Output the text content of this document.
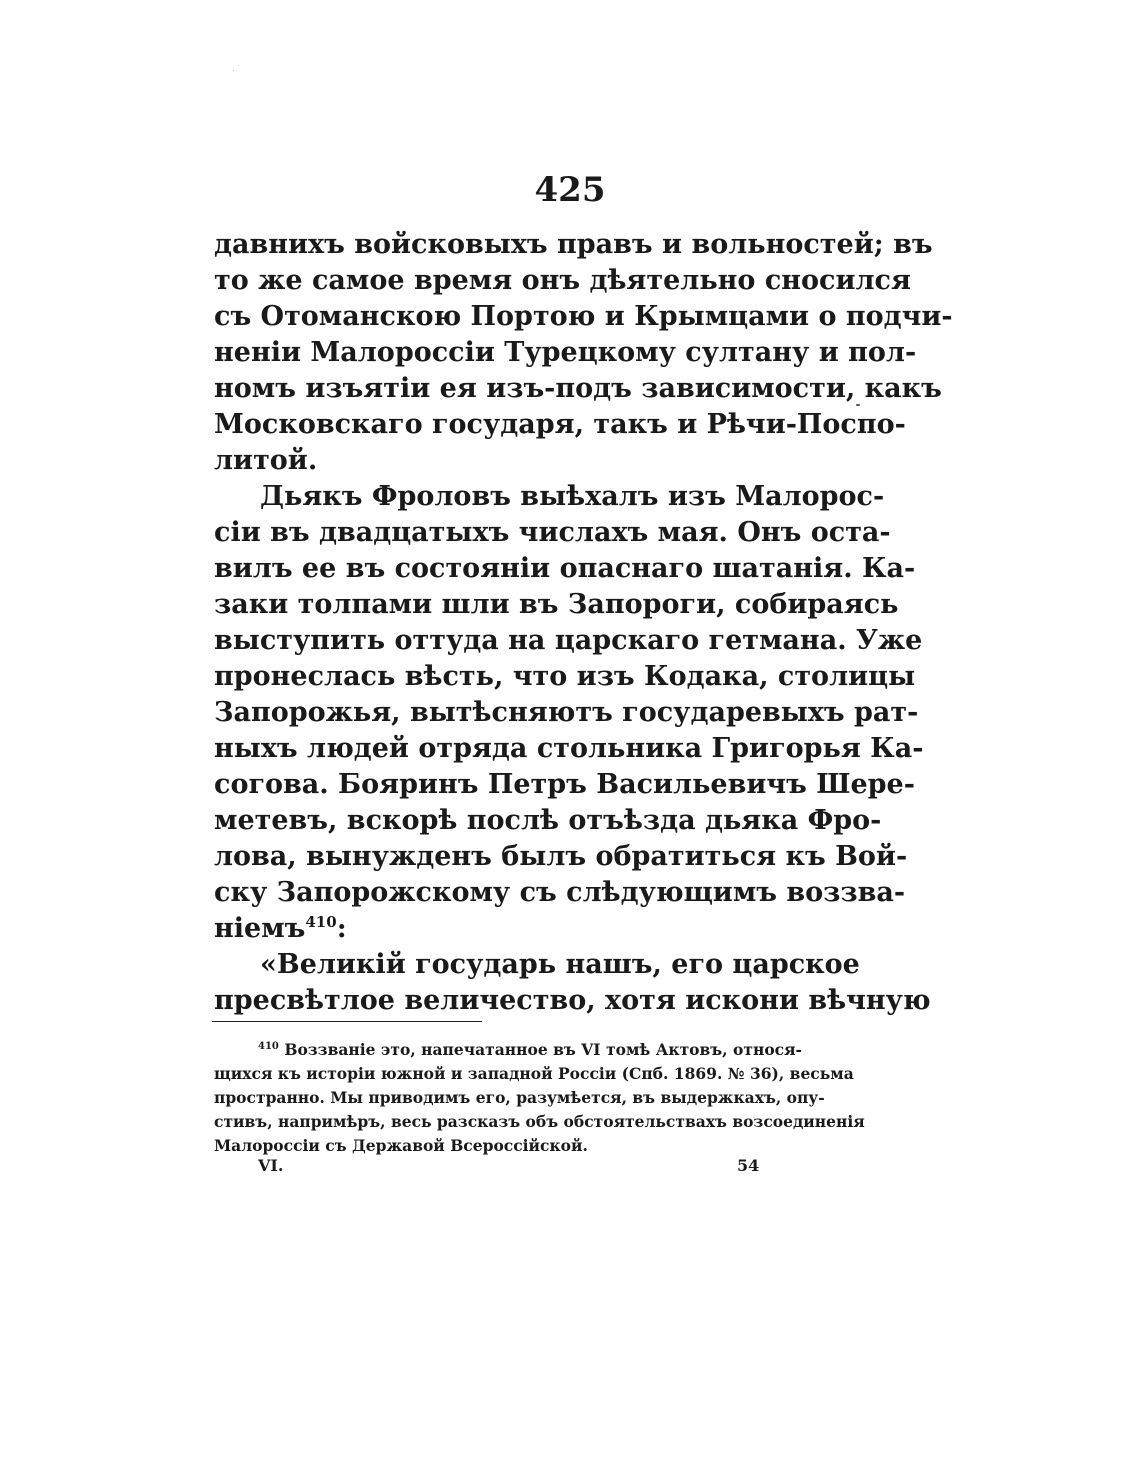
425
давнихъ войсковыхъ правъ и вольностей; въ
то же самое время онъ дѣятельно сносился
съ Отоманскою Портою и Крымцами о подчи-
неніи Малороссіи Турецкому султану и пол-
номъ изъятіи ея изъ-подъ зависимости, какъ
Московскаго государя, такъ и Рѣчи-Поспо-
литой.
Дьякъ Фроловъ выѣхалъ изъ Малорос-
сіи въ двадцатыхъ числахъ мая. Онъ оста-
вилъ ее въ состояніи опаснаго шатанія. Ка-
заки толпами шли въ Запороги, собираясь
выступить оттуда на царскаго гетмана. Уже
пронеслась вѣсть, что изъ Кодака, столицы
Запорожья, вытѣсняютъ государевыхъ рат-
ныхъ людей отряда стольника Григорья Ка-
согова. Бояринъ Петръ Васильевичъ Шере-
метевъ, вскорѣ послѣ отъѣзда дьяка Фро-
лова, вынужденъ былъ обратиться къ Вой-
ску Запорожскому съ слѣдующимъ воззва-
ніемъ$^{410}$:
«Великій государь нашъ, его царское
пресвѣтлое величество, хотя искони вѣчную
$^{410}$ Воззваніе это, напечатанное въ VI томѣ Актовъ, относя-
щихся къ исторіи южной и западной Россіи (Спб. 1869. № 36), весьма
пространно. Мы приводимъ его, разумѣется, въ выдержкахъ, опу-
стивъ, напримѣръ, весь разсказъ объ обстоятельствахъ возсоединенія
Малороссіи съ Державой Всероссійской.
VI.	54
